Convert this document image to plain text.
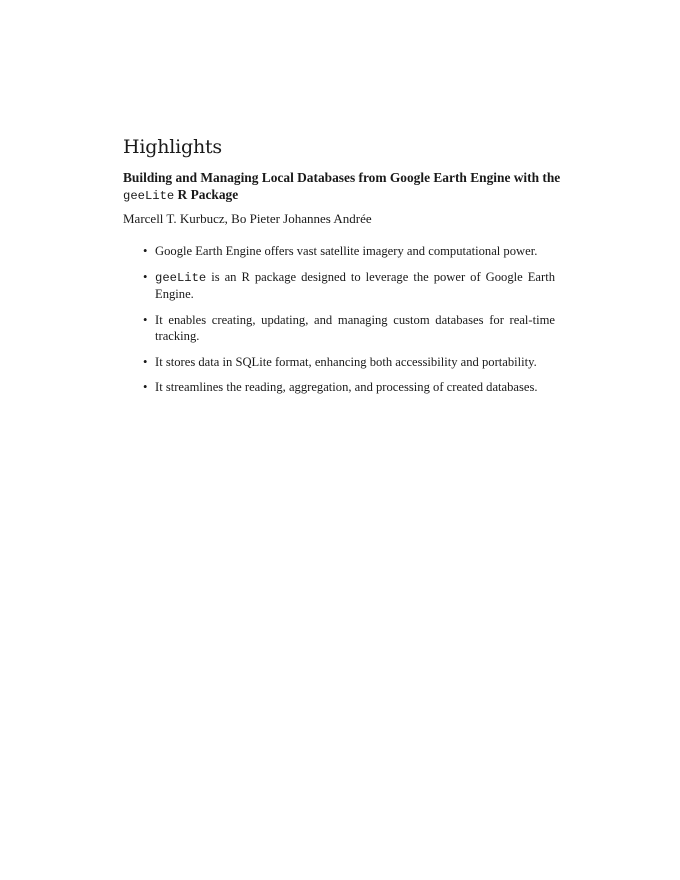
Highlights
Building and Managing Local Databases from Google Earth Engine with the geeLite R Package
Marcell T. Kurbucz, Bo Pieter Johannes Andrée
• Google Earth Engine offers vast satellite imagery and computational power.
• geeLite is an R package designed to leverage the power of Google Earth Engine.
• It enables creating, updating, and managing custom databases for real-time tracking.
• It stores data in SQLite format, enhancing both accessibility and portability.
• It streamlines the reading, aggregation, and processing of created databases.
